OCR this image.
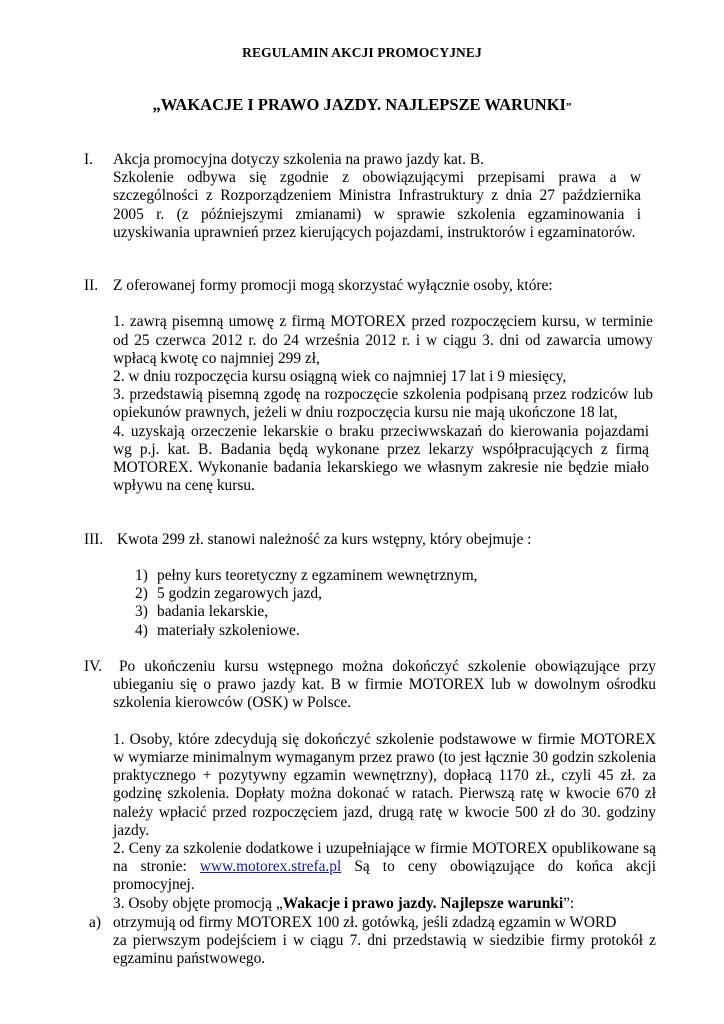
REGULAMIN AKCJI PROMOCYJNEJ
„WAKACJE I PRAWO JAZDY. NAJLEPSZE WARUNKI”
I. Akcja promocyjna dotyczy szkolenia na prawo jazdy kat. B.

Szkolenie odbywa się zgodnie z obowiązującymi przepisami prawa a w szczególności z Rozporządzeniem Ministra Infrastruktury z dnia 27 października 2005 r. (z późniejszymi zmianami) w sprawie szkolenia egzaminowania i uzyskiwania uprawnień przez kierujących pojazdami, instruktorów i egzaminatorów.

II. Z oferowanej formy promocji mogą skorzystać wyłącznie osoby, które:

1. zawrą pisemną umowę z firmą MOTOREX przed rozpoczęciem kursu, w terminie od 25 czerwca 2012 r. do 24 września 2012 r. i w ciągu 3. dni od zawarcia umowy wpłacą kwotę co najmniej 299 zł,

2. w dniu rozpoczęcia kursu osiągną wiek co najmniej 17 lat i 9 miesięcy,

3. przedstawią pisemną zgodę na rozpoczęcie szkolenia podpisaną przez rodziców lub opiekunów prawnych, jeżeli w dniu rozpoczęcia kursu nie mają ukończone 18 lat,

4. uzyskają orzeczenie lekarskie o braku przeciwwskazań do kierowania pojazdami wg p.j. kat. B. Badania będą wykonane przez lekarzy współpracujących z firmą MOTOREX. Wykonanie badania lekarskiego we własnym zakresie nie będzie miało wpływu na cenę kursu.

III. Kwota 299 zł. stanowi należność za kurs wstępny, który obejmuje :
1) pełny kurs teoretyczny z egzaminem wewnętrznym,
2) 5 godzin zegarowych jazd,
3) badania lekarskie,
4) materiały szkoleniowe.
IV.	Po ukończeniu kursu wstępnego można dokończyć szkolenie obowiązujące przy ubieganiu się o prawo jazdy kat. B w firmie MOTOREX lub w dowolnym ośrodku szkolenia kierowców (OSK) w Polsce.

1. Osoby, które zdecydują się dokończyć szkolenie podstawowe w firmie MOTOREX w wymiarze minimalnym wymaganym przez prawo (to jest łącznie 30 godzin szkolenia praktycznego + pozytywny egzamin wewnętrzny), dopłacą 1170 zł., czyli 45 zł. za godzinę szkolenia. Dopłaty można dokonać w ratach. Pierwszą ratę w kwocie 670 zł należy wpłacić przed rozpoczęciem jazd, drugą ratę w kwocie 500 zł do 30. godziny jazdy.

2. Ceny za szkolenie dodatkowe i uzupełniające w firmie MOTOREX opublikowane są na stronie: www.motorex.strefa.pl Są to ceny obowiązujące do końca akcji promocyjnej.

3. Osoby objęte promocją „Wakacje i prawo jazdy. Najlepsze warunki”:

a) otrzymują od firmy MOTOREX 100 zł. gotówką, jeśli zdadzą egzamin w WORD

za pierwszym podejściem i w ciągu 7. dni przedstawią w siedzibie firmy protokół z egzaminu państwowego.
